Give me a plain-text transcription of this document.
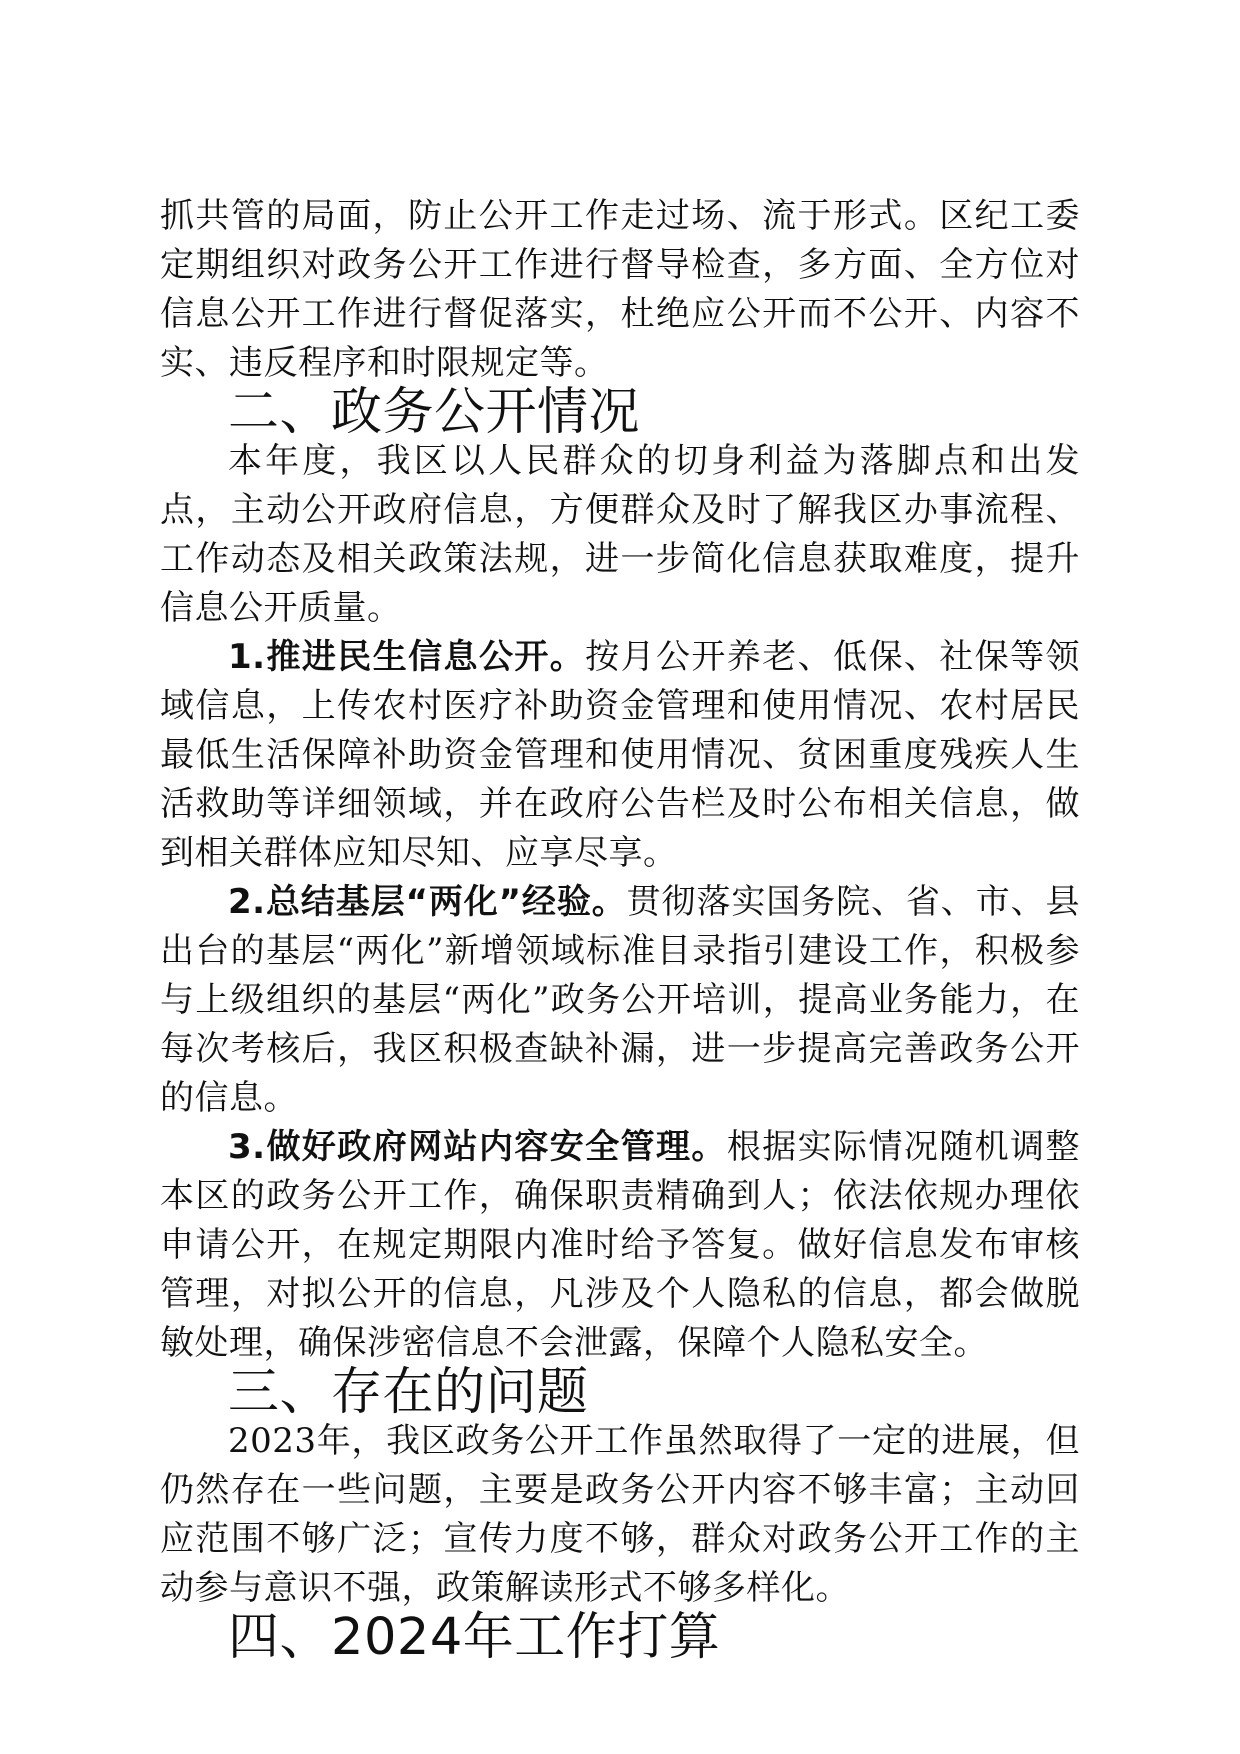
抓共管的局面，防止公开工作走过场、流于形式。区纪工委定期组织对政务公开工作进行督导检查，多方面、全方位对信息公开工作进行督促落实，杜绝应公开而不公开、内容不实、违反程序和时限规定等。

二、政务公开情况

本年度，我区以人民群众的切身利益为落脚点和出发点，主动公开政府信息，方便群众及时了解我区办事流程、工作动态及相关政策法规，进一步简化信息获取难度，提升信息公开质量。

1.推进民生信息公开。按月公开养老、低保、社保等领域信息，上传农村医疗补助资金管理和使用情况、农村居民最低生活保障补助资金管理和使用情况、贫困重度残疾人生活救助等详细领域，并在政府公告栏及时公布相关信息，做到相关群体应知尽知、应享尽享。

2.总结基层“两化”经验。贯彻落实国务院、省、市、县出台的基层“两化”新增领域标准目录指引建设工作，积极参与上级组织的基层“两化”政务公开培训，提高业务能力，在每次考核后，我区积极查缺补漏，进一步提高完善政务公开的信息。

3.做好政府网站内容安全管理。根据实际情况随机调整本区的政务公开工作，确保职责精确到人；依法依规办理依申请公开，在规定期限内准时给予答复。做好信息发布审核管理，对拟公开的信息，凡涉及个人隐私的信息，都会做脱敏处理，确保涉密信息不会泄露，保障个人隐私安全。

三、存在的问题

2023年，我区政务公开工作虽然取得了一定的进展，但仍然存在一些问题，主要是政务公开内容不够丰富；主动回应范围不够广泛；宣传力度不够，群众对政务公开工作的主动参与意识不强，政策解读形式不够多样化。

四、2024年工作打算
